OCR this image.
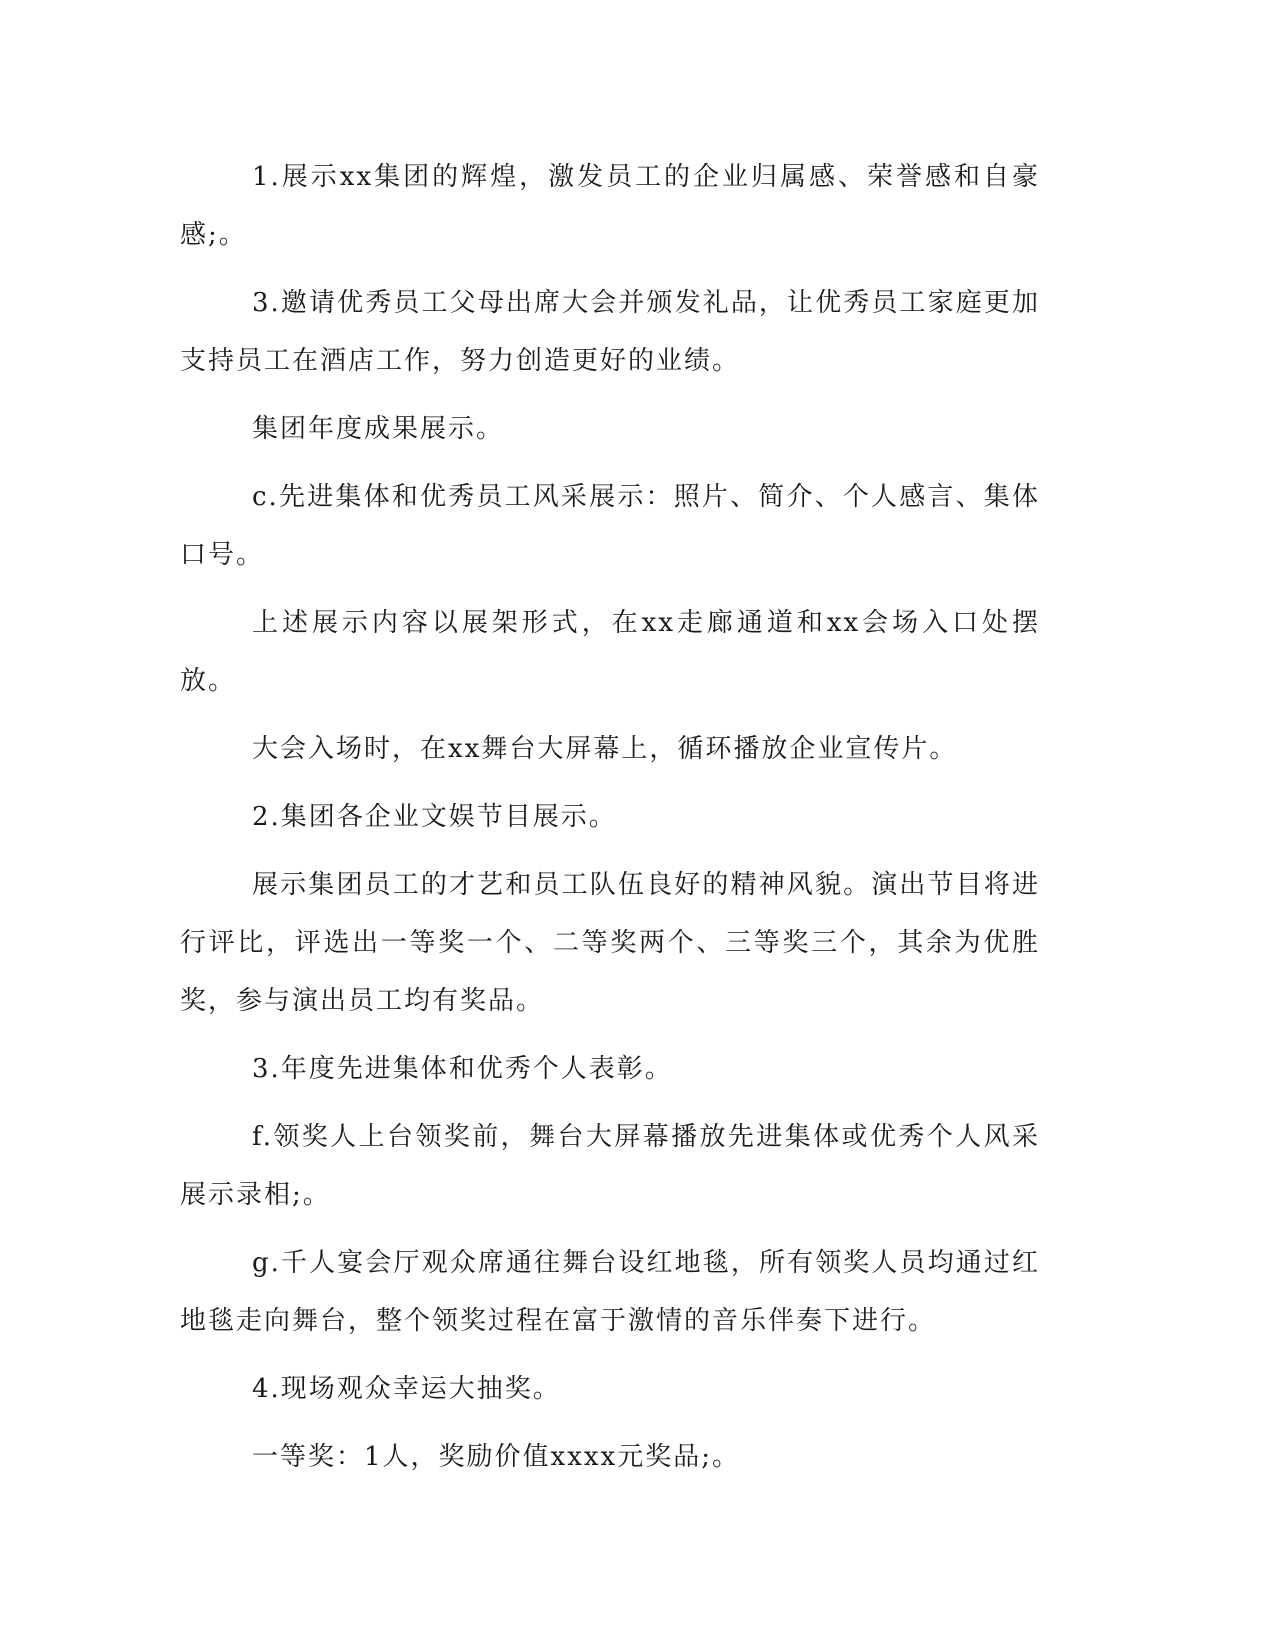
1.展示xx集团的辉煌，激发员工的企业归属感、荣誉感和自豪感;。

3.邀请优秀员工父母出席大会并颁发礼品，让优秀员工家庭更加支持员工在酒店工作，努力创造更好的业绩。

集团年度成果展示。

c.先进集体和优秀员工风采展示：照片、简介、个人感言、集体口号。

上述展示内容以展架形式，在xx走廊通道和xx会场入口处摆放。

大会入场时，在xx舞台大屏幕上，循环播放企业宣传片。

2.集团各企业文娱节目展示。

展示集团员工的才艺和员工队伍良好的精神风貌。演出节目将进行评比，评选出一等奖一个、二等奖两个、三等奖三个，其余为优胜奖，参与演出员工均有奖品。

3.年度先进集体和优秀个人表彰。

f.领奖人上台领奖前，舞台大屏幕播放先进集体或优秀个人风采展示录相;。

g.千人宴会厅观众席通往舞台设红地毯，所有领奖人员均通过红地毯走向舞台，整个领奖过程在富于激情的音乐伴奏下进行。

4.现场观众幸运大抽奖。

一等奖：1人，奖励价值xxxx元奖品;。
